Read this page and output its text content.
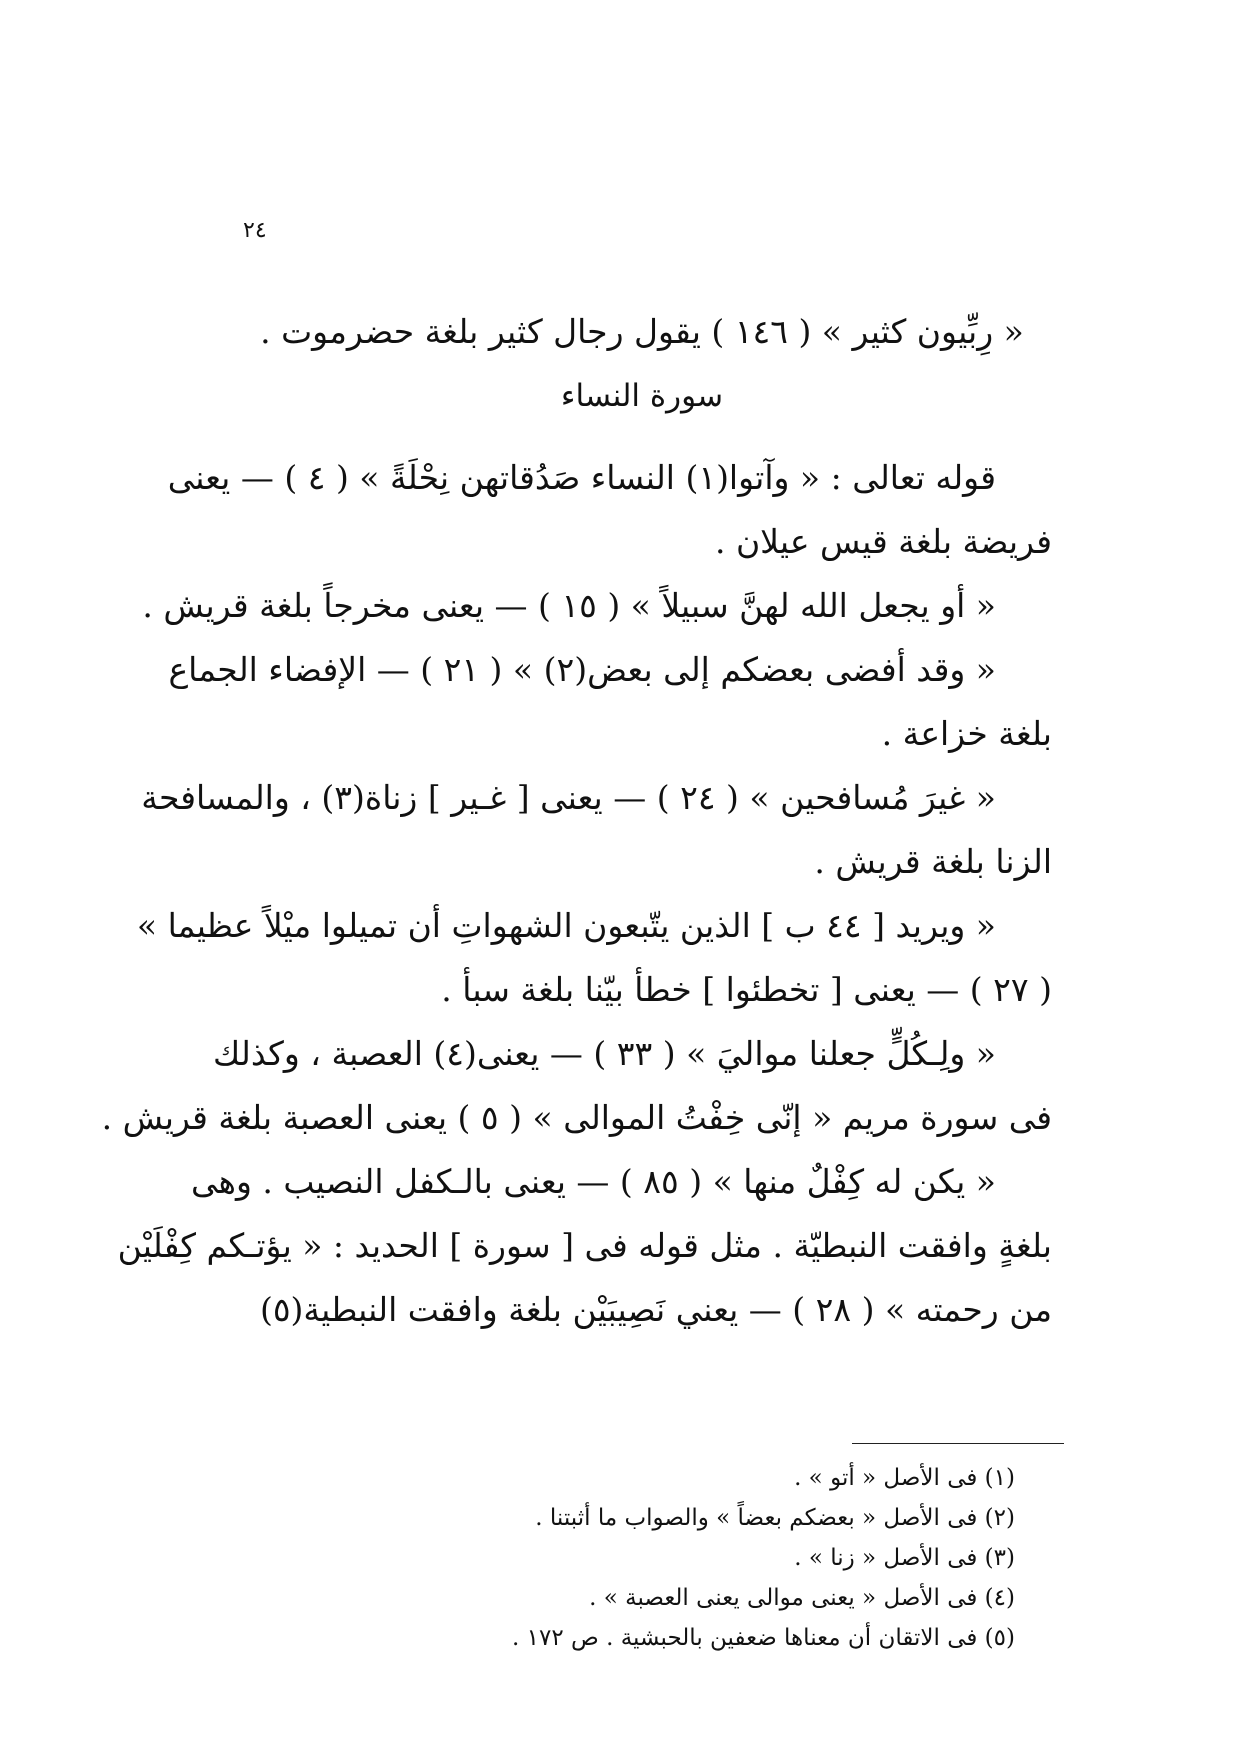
٢٤

« رِبِّيون كثير » ( ١٤٦ ) يقول رجال كثير بلغة حضرموت .

سورة النساء

قوله تعالى : « وآتوا(١) النساء صَدُقاتهن نِحْلَةً » ( ٤ ) — يعنى

فريضة بلغة قيس عيلان .

« أو يجعل الله لهنَّ سبيلاً » ( ١٥ ) — يعنى مخرجاً بلغة قريش .

« وقد أفضى بعضكم إلى بعض(٢) » ( ٢١ ) — الإفضاء الجماع

بلغة خزاعة .

« غيرَ مُسافحين » ( ٢٤ ) — يعنى [ غـير ] زناة(٣) ، والمسافحة

الزنا بلغة قريش .

« ويريد [ ٤٤ ب ] الذين يتّبعون الشهواتِ أن تميلوا ميْلاً عظيما »

( ٢٧ ) — يعنى [ تخطئوا ] خطأ بيّنا بلغة سبأ .

« ولِـكُلٍّ جعلنا مواليَ » ( ٣٣ ) — يعنى(٤) العصبة ، وكذلك

فى سورة مريم « إنّى خِفْتُ الموالى » ( ٥ ) يعنى العصبة بلغة قريش .

« يكن له كِفْلٌ منها » ( ٨٥ ) — يعنى بالـكفل النصيب . وهى

بلغةٍ وافقت النبطيّة . مثل قوله فى [ سورة ] الحديد : « يؤتـكم كِفْلَيْن

من رحمته » ( ٢٨ ) — يعني نَصِيبَيْن بلغة وافقت النبطية(٥)

(١) فى الأصل « أتو » .

(٢) فى الأصل « بعضكم بعضاً » والصواب ما أثبتنا .

(٣) فى الأصل « زنا » .

(٤) فى الأصل « يعنى موالى يعنى العصبة » .

(٥) فى الاتقان أن معناها ضعفين بالحبشية . ص ١٧٢ .
